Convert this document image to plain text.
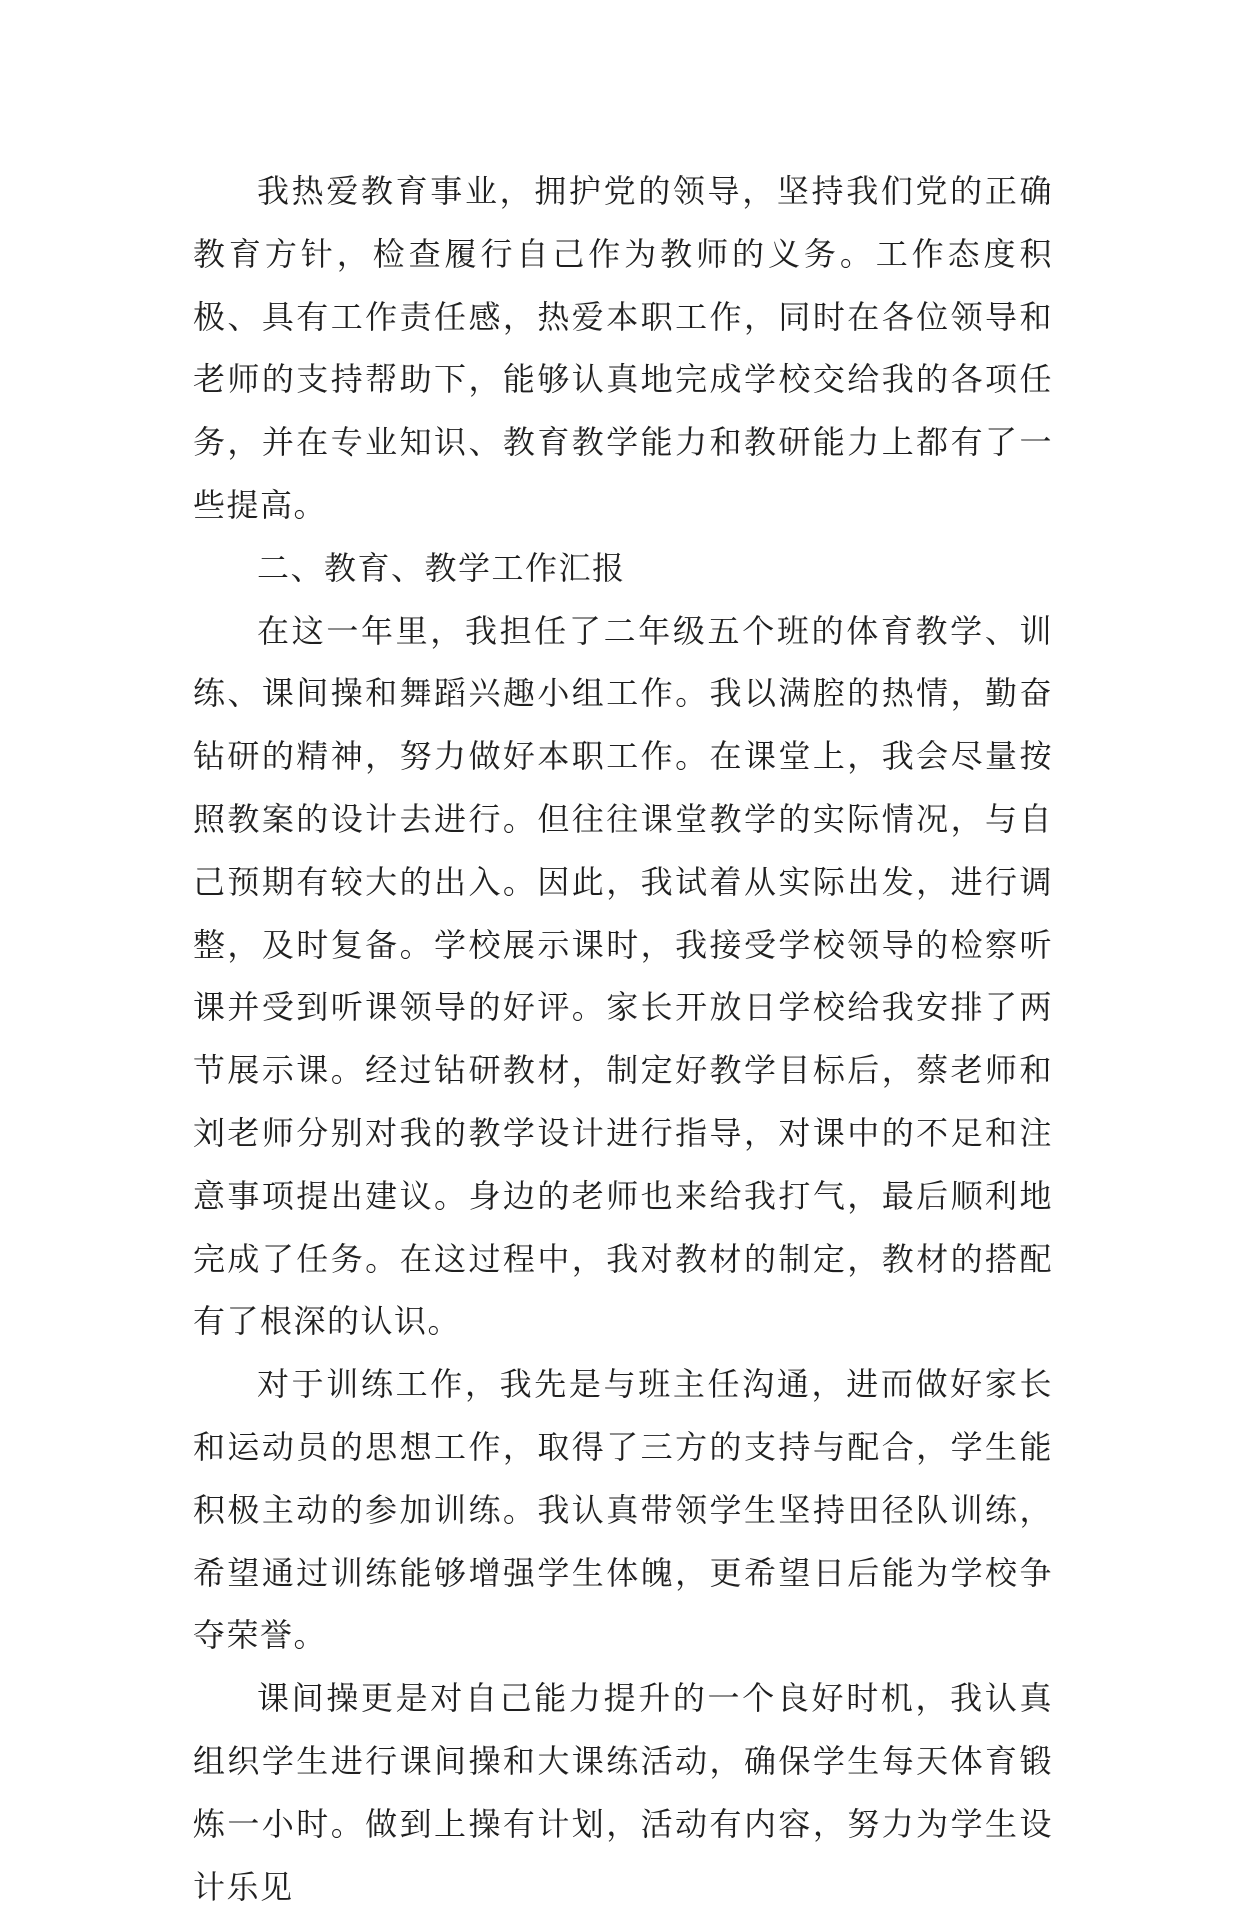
我热爱教育事业，拥护党的领导，坚持我们党的正确教育方针，检查履行自己作为教师的义务。工作态度积极、具有工作责任感，热爱本职工作，同时在各位领导和老师的支持帮助下，能够认真地完成学校交给我的各项任务，并在专业知识、教育教学能力和教研能力上都有了一些提高。

二、教育、教学工作汇报

在这一年里，我担任了二年级五个班的体育教学、训练、课间操和舞蹈兴趣小组工作。我以满腔的热情，勤奋钻研的精神，努力做好本职工作。在课堂上，我会尽量按照教案的设计去进行。但往往课堂教学的实际情况，与自己预期有较大的出入。因此，我试着从实际出发，进行调整，及时复备。学校展示课时，我接受学校领导的检察听课并受到听课领导的好评。家长开放日学校给我安排了两节展示课。经过钻研教材，制定好教学目标后，蔡老师和刘老师分别对我的教学设计进行指导，对课中的不足和注意事项提出建议。身边的老师也来给我打气，最后顺利地完成了任务。在这过程中，我对教材的制定，教材的搭配有了根深的认识。

对于训练工作，我先是与班主任沟通，进而做好家长和运动员的思想工作，取得了三方的支持与配合，学生能积极主动的参加训练。我认真带领学生坚持田径队训练，希望通过训练能够增强学生体魄，更希望日后能为学校争夺荣誉。

课间操更是对自己能力提升的一个良好时机，我认真组织学生进行课间操和大课练活动，确保学生每天体育锻炼一小时。做到上操有计划，活动有内容，努力为学生设计乐见
